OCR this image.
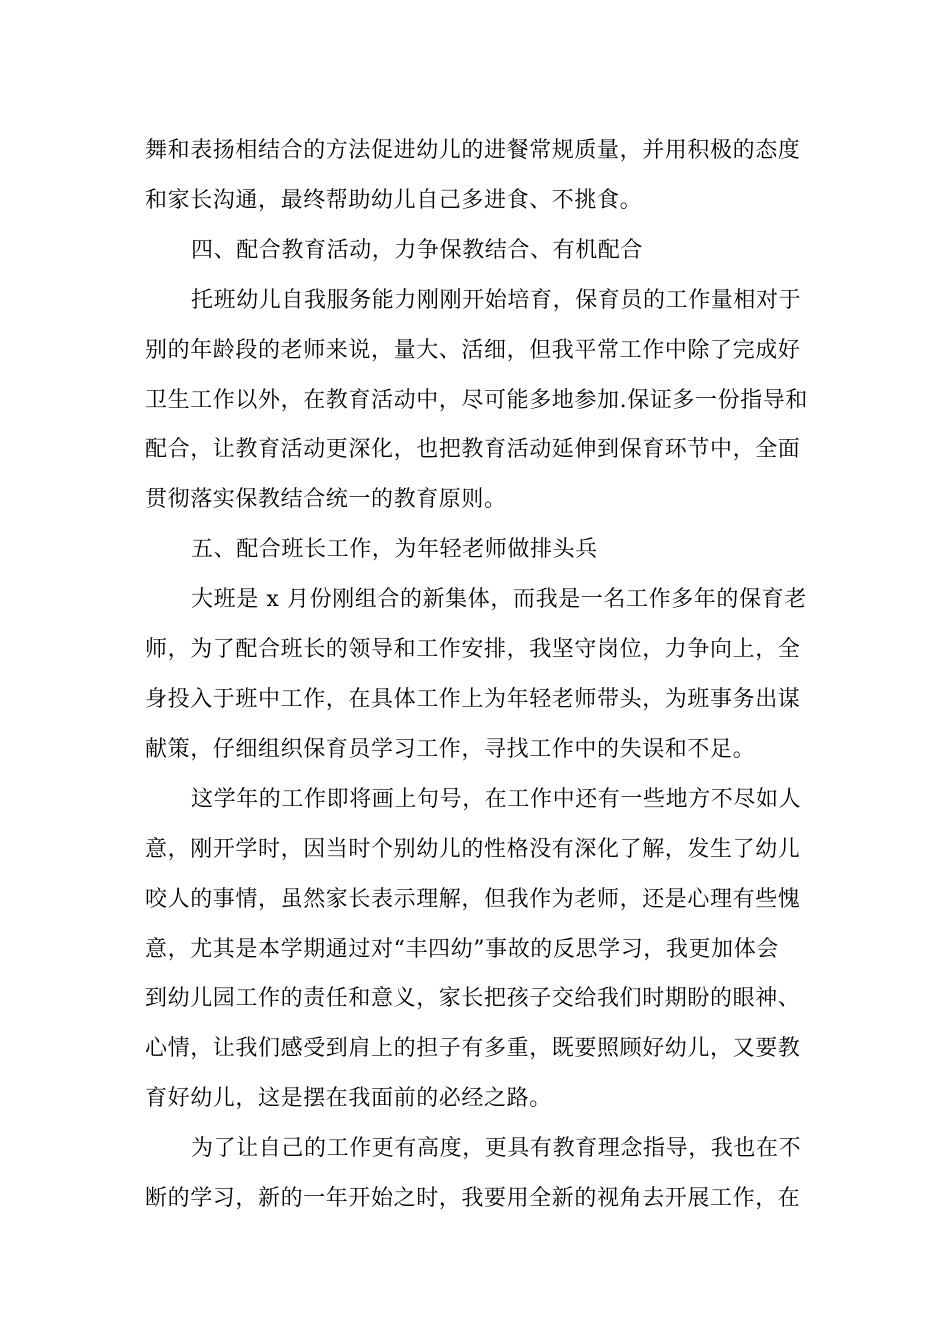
舞和表扬相结合的方法促进幼儿的进餐常规质量，并用积极的态度
和家长沟通，最终帮助幼儿自己多进食、不挑食。
四、配合教育活动，力争保教结合、有机配合
托班幼儿自我服务能力刚刚开始培育，保育员的工作量相对于
别的年龄段的老师来说，量大、活细，但我平常工作中除了完成好
卫生工作以外，在教育活动中，尽可能多地参加.保证多一份指导和
配合，让教育活动更深化，也把教育活动延伸到保育环节中，全面
贯彻落实保教结合统一的教育原则。
五、配合班长工作，为年轻老师做排头兵
大班是 x 月份刚组合的新集体，而我是一名工作多年的保育老
师，为了配合班长的领导和工作安排，我坚守岗位，力争向上，全
身投入于班中工作，在具体工作上为年轻老师带头，为班事务出谋
献策，仔细组织保育员学习工作，寻找工作中的失误和不足。
这学年的工作即将画上句号，在工作中还有一些地方不尽如人
意，刚开学时，因当时个别幼儿的性格没有深化了解，发生了幼儿
咬人的事情，虽然家长表示理解，但我作为老师，还是心理有些愧
意，尤其是本学期通过对“丰四幼”事故的反思学习，我更加体会
到幼儿园工作的责任和意义，家长把孩子交给我们时期盼的眼神、
心情，让我们感受到肩上的担子有多重，既要照顾好幼儿，又要教
育好幼儿，这是摆在我面前的必经之路。
为了让自己的工作更有高度，更具有教育理念指导，我也在不
断的学习，新的一年开始之时，我要用全新的视角去开展工作，在
